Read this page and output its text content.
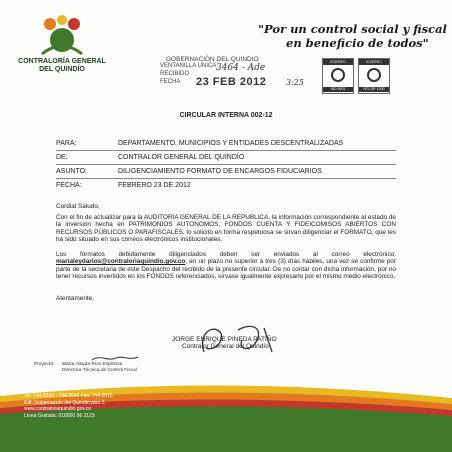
CONTRALORÍA GENERAL
DEL QUINDÍO
"Por un control social y fiscal
en beneficio de todos"
GOBERNACIÓN DEL QUINDIO
VENTANILLA UNICA
RECIBIDO
FECHA 23 FEB 2012
3464 - Ade
3:25
ICONTEC
ISO 9001
ICONTEC
NTCGP 1000
CIRCULAR INTERNA 002-12
PARA:	DEPARTAMENTO, MUNICIPIOS Y ENTIDADES DESCENTRALIZADAS
DE:	CONTRALOR GENERAL DEL QUINDÍO
ASUNTO:	DILIGENCIAMIENTO FORMATO DE ENCARGOS FIDUCIARIOS
FECHA:	FEBRERO 23 DE 2012
Cordial Saludo,
Con el fin de actualizar para la AUDITORIA GENERAL DE LA REPUBLICA, la información correspondiente al estado de la inversión hecha en PATRIMONIOS AUTONOMOS, FONDOS CUENTA Y FIDEICOMISOS ABIERTOS CON RECURSOS PÚBLICOS O PARAFISCALES, lo solicito en forma respetuosa se sirvan diligenciar el FORMATO, que les ha sido situado en sus correos electrónicos institucionales.
Los formatos debidamente diligenciados deben ser enviados al correo electrónico, marialeydarios@contraloriaquindio.gov.co, en un plazo no superior a tres (3) días hábiles, una vez se confirme por parte de la secretaria de este Despacho del recibido de la presente circular. De no contar con dicha información, por no tener recursos invertidos en los FONDOS referenciados, sírvase igualmente expresarlo por el mismo medio electrónico.
Atentamente,
JORGE ENRIQUE PINEDA PATIÑO
Contralor General del Quindío
Proyectó: María Aleyda Ríos Espinosa
Directora Técnica de Control Fiscal
Tel: 744 5183 - 744 9940 Fax: 744 0016
Edf. Gobernación del Quindío piso 5
www.contraloriaquindio.gov.co
Línea Gratuita: 018000 96 3123
